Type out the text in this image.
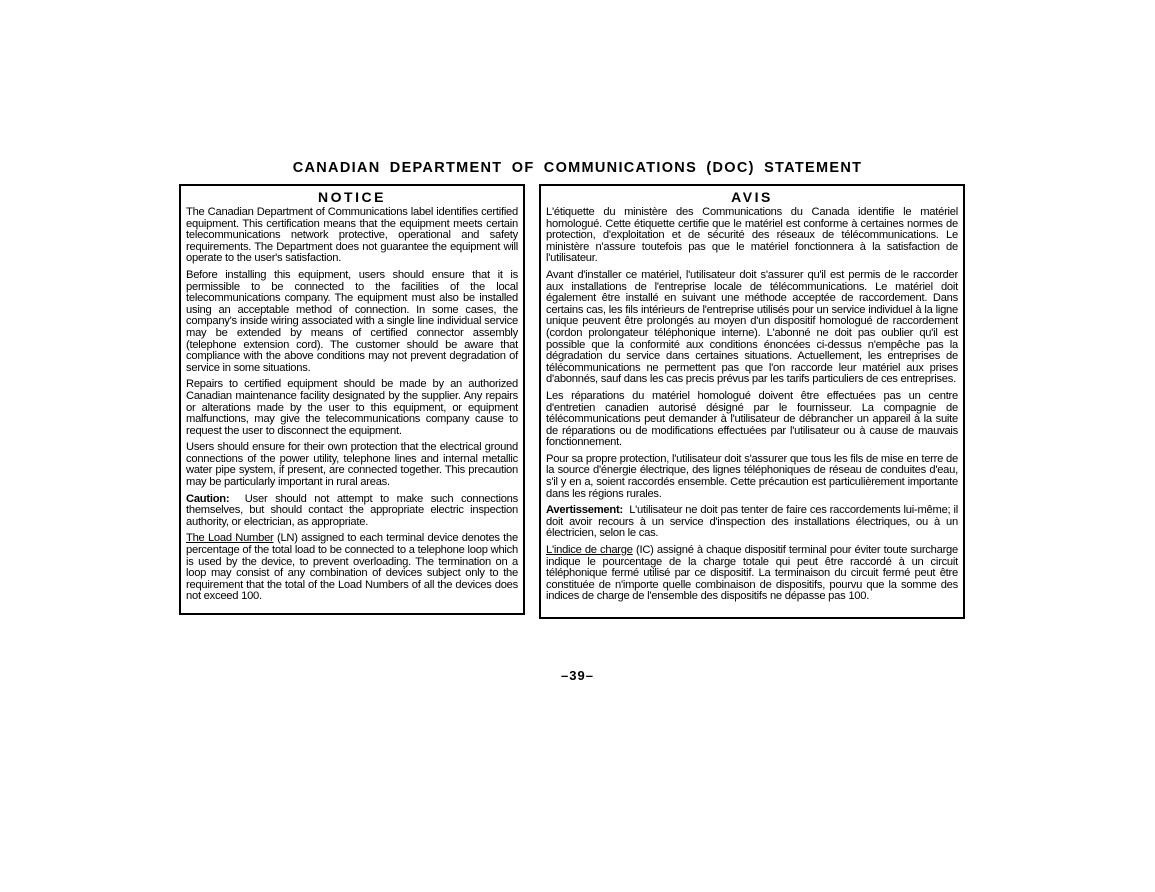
CANADIAN DEPARTMENT OF COMMUNICATIONS (DOC) STATEMENT
NOTICE

The Canadian Department of Communications label identifies certified equipment. This certification means that the equipment meets certain telecommunications network protective, operational and safety requirements. The Department does not guarantee the equipment will operate to the user's satisfaction.

Before installing this equipment, users should ensure that it is permissible to be connected to the facilities of the local telecommunications company. The equipment must also be installed using an acceptable method of connection. In some cases, the company's inside wiring associated with a single line individual service may be extended by means of certified connector assembly (telephone extension cord). The customer should be aware that compliance with the above conditions may not prevent degradation of service in some situations.

Repairs to certified equipment should be made by an authorized Canadian maintenance facility designated by the supplier. Any repairs or alterations made by the user to this equipment, or equipment malfunctions, may give the telecommunications company cause to request the user to disconnect the equipment.

Users should ensure for their own protection that the electrical ground connections of the power utility, telephone lines and internal metallic water pipe system, if present, are connected together. This precaution may be particularly important in rural areas.

Caution: User should not attempt to make such connections themselves, but should contact the appropriate electric inspection authority, or electrician, as appropriate.

The Load Number (LN) assigned to each terminal device denotes the percentage of the total load to be connected to a telephone loop which is used by the device, to prevent overloading. The termination on a loop may consist of any combination of devices subject only to the requirement that the total of the Load Numbers of all the devices does not exceed 100.

AVIS

L'étiquette du ministère des Communications du Canada identifie le matériel homologué. Cette étiquette certifie que le matériel est conforme à certaines normes de protection, d'exploitation et de sécurité des réseaux de télécommunications. Le ministère n'assure toutefois pas que le matériel fonctionnera à la satisfaction de l'utilisateur.

Avant d'installer ce matériel, l'utilisateur doit s'assurer qu'il est permis de le raccorder aux installations de l'entreprise locale de télécommunications. Le matériel doit également être installé en suivant une méthode acceptée de raccordement. Dans certains cas, les fils intérieurs de l'entreprise utilisés pour un service individuel à la ligne unique peuvent être prolongés au moyen d'un dispositif homologué de raccordement (cordon prolongateur téléphonique interne). L'abonné ne doit pas oublier qu'il est possible que la conformité aux conditions énoncées ci-dessus n'empêche pas la dégradation du service dans certaines situations. Actuellement, les entreprises de télécommunications ne permettent pas que l'on raccorde leur matériel aux prises d'abonnés, sauf dans les cas precis prévus par les tarifs particuliers de ces entreprises.

Les réparations du matériel homologué doivent être effectuées pas un centre d'entretien canadien autorisé désigné par le fournisseur. La compagnie de télécommunications peut demander à l'utilisateur de débrancher un appareil à la suite de réparations ou de modifications effectuées par l'utilisateur ou à cause de mauvais fonctionnement.

Pour sa propre protection, l'utilisateur doit s'assurer que tous les fils de mise en terre de la source d'énergie électrique, des lignes téléphoniques de réseau de conduites d'eau, s'il y en a, soient raccordés ensemble. Cette précaution est particulièrement importante dans les régions rurales.

Avertissement: L'utilisateur ne doit pas tenter de faire ces raccordements lui-même; il doit avoir recours à un service d'inspection des installations électriques, ou à un électricien, selon le cas.

L'indice de charge (IC) assigné à chaque dispositif terminal pour éviter toute surcharge indique le pourcentage de la charge totale qui peut être raccordé à un circuit téléphonique fermé utilisé par ce dispositif. La terminaison du circuit fermé peut être constituée de n'importe quelle combinaison de dispositifs, pourvu que la somme des indices de charge de l'ensemble des dispositifs ne dépasse pas 100.

–39–
